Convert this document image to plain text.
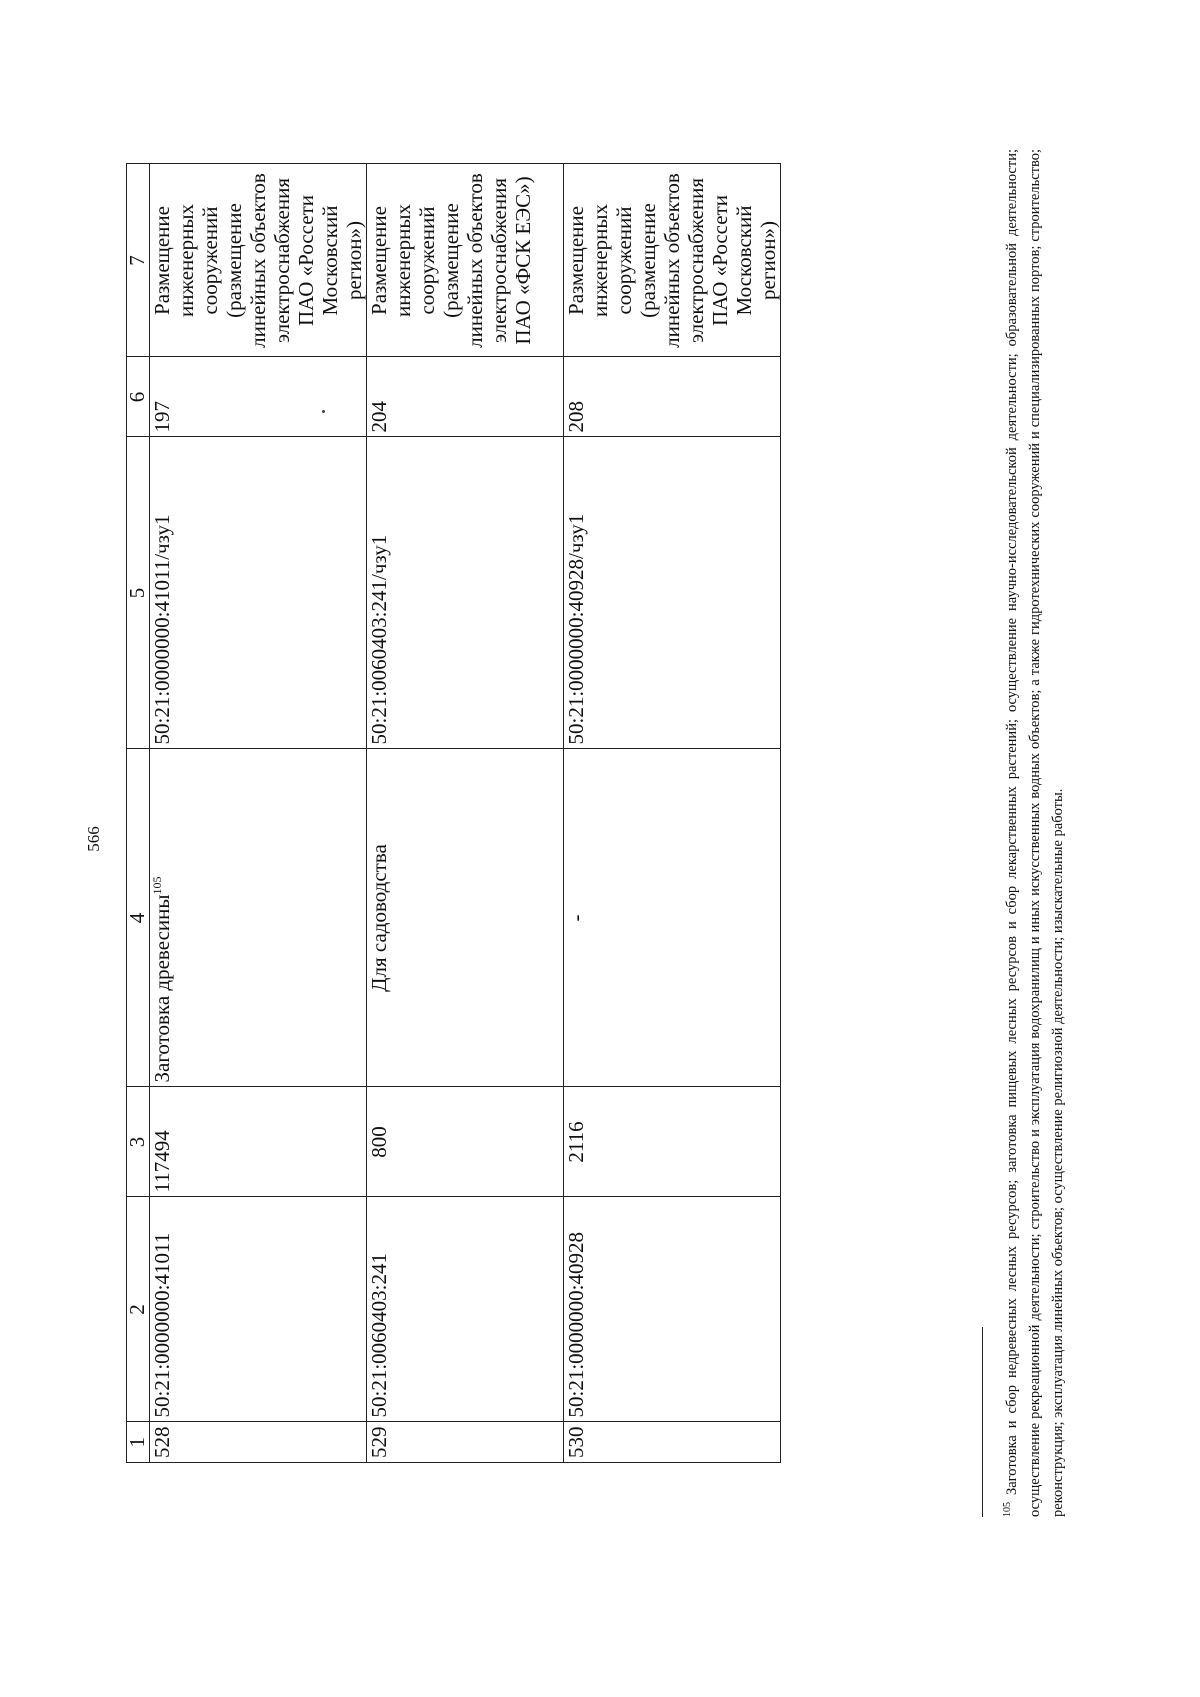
566
1	2	3	4	5	6	7
528	50:21:0000000:41011	117494	Заготовка древесины$^{105}$	50:21:0000000:41011/чзу1	197	Размещение инженерных сооружений (размещение линейных объектов электроснабжения ПАО «Россети Московский регион»)
529	50:21:0060403:241	800	Для садоводства	50:21:0060403:241/чзу1	204	Размещение инженерных сооружений (размещение линейных объектов электроснабжения ПАО «ФСК ЕЭС»)
530	50:21:0000000:40928	2116	-	50:21:0000000:40928/чзу1	208	Размещение инженерных сооружений (размещение линейных объектов электроснабжения ПАО «Россети Московский регион»)
$^{105}$ Заготовка и сбор недревесных лесных ресурсов; заготовка пищевых лесных ресурсов и сбор лекарственных растений; осуществление научно-исследовательской деятельности; образовательной деятельности; осуществление рекреационной деятельности; строительство и эксплуатация водохранилищ и иных искусственных водных объектов; а также гидротехнических сооружений и специализированных портов; строительство; реконструкция; эксплуатация линейных объектов; осуществление религиозной деятельности; изыскательные работы.
